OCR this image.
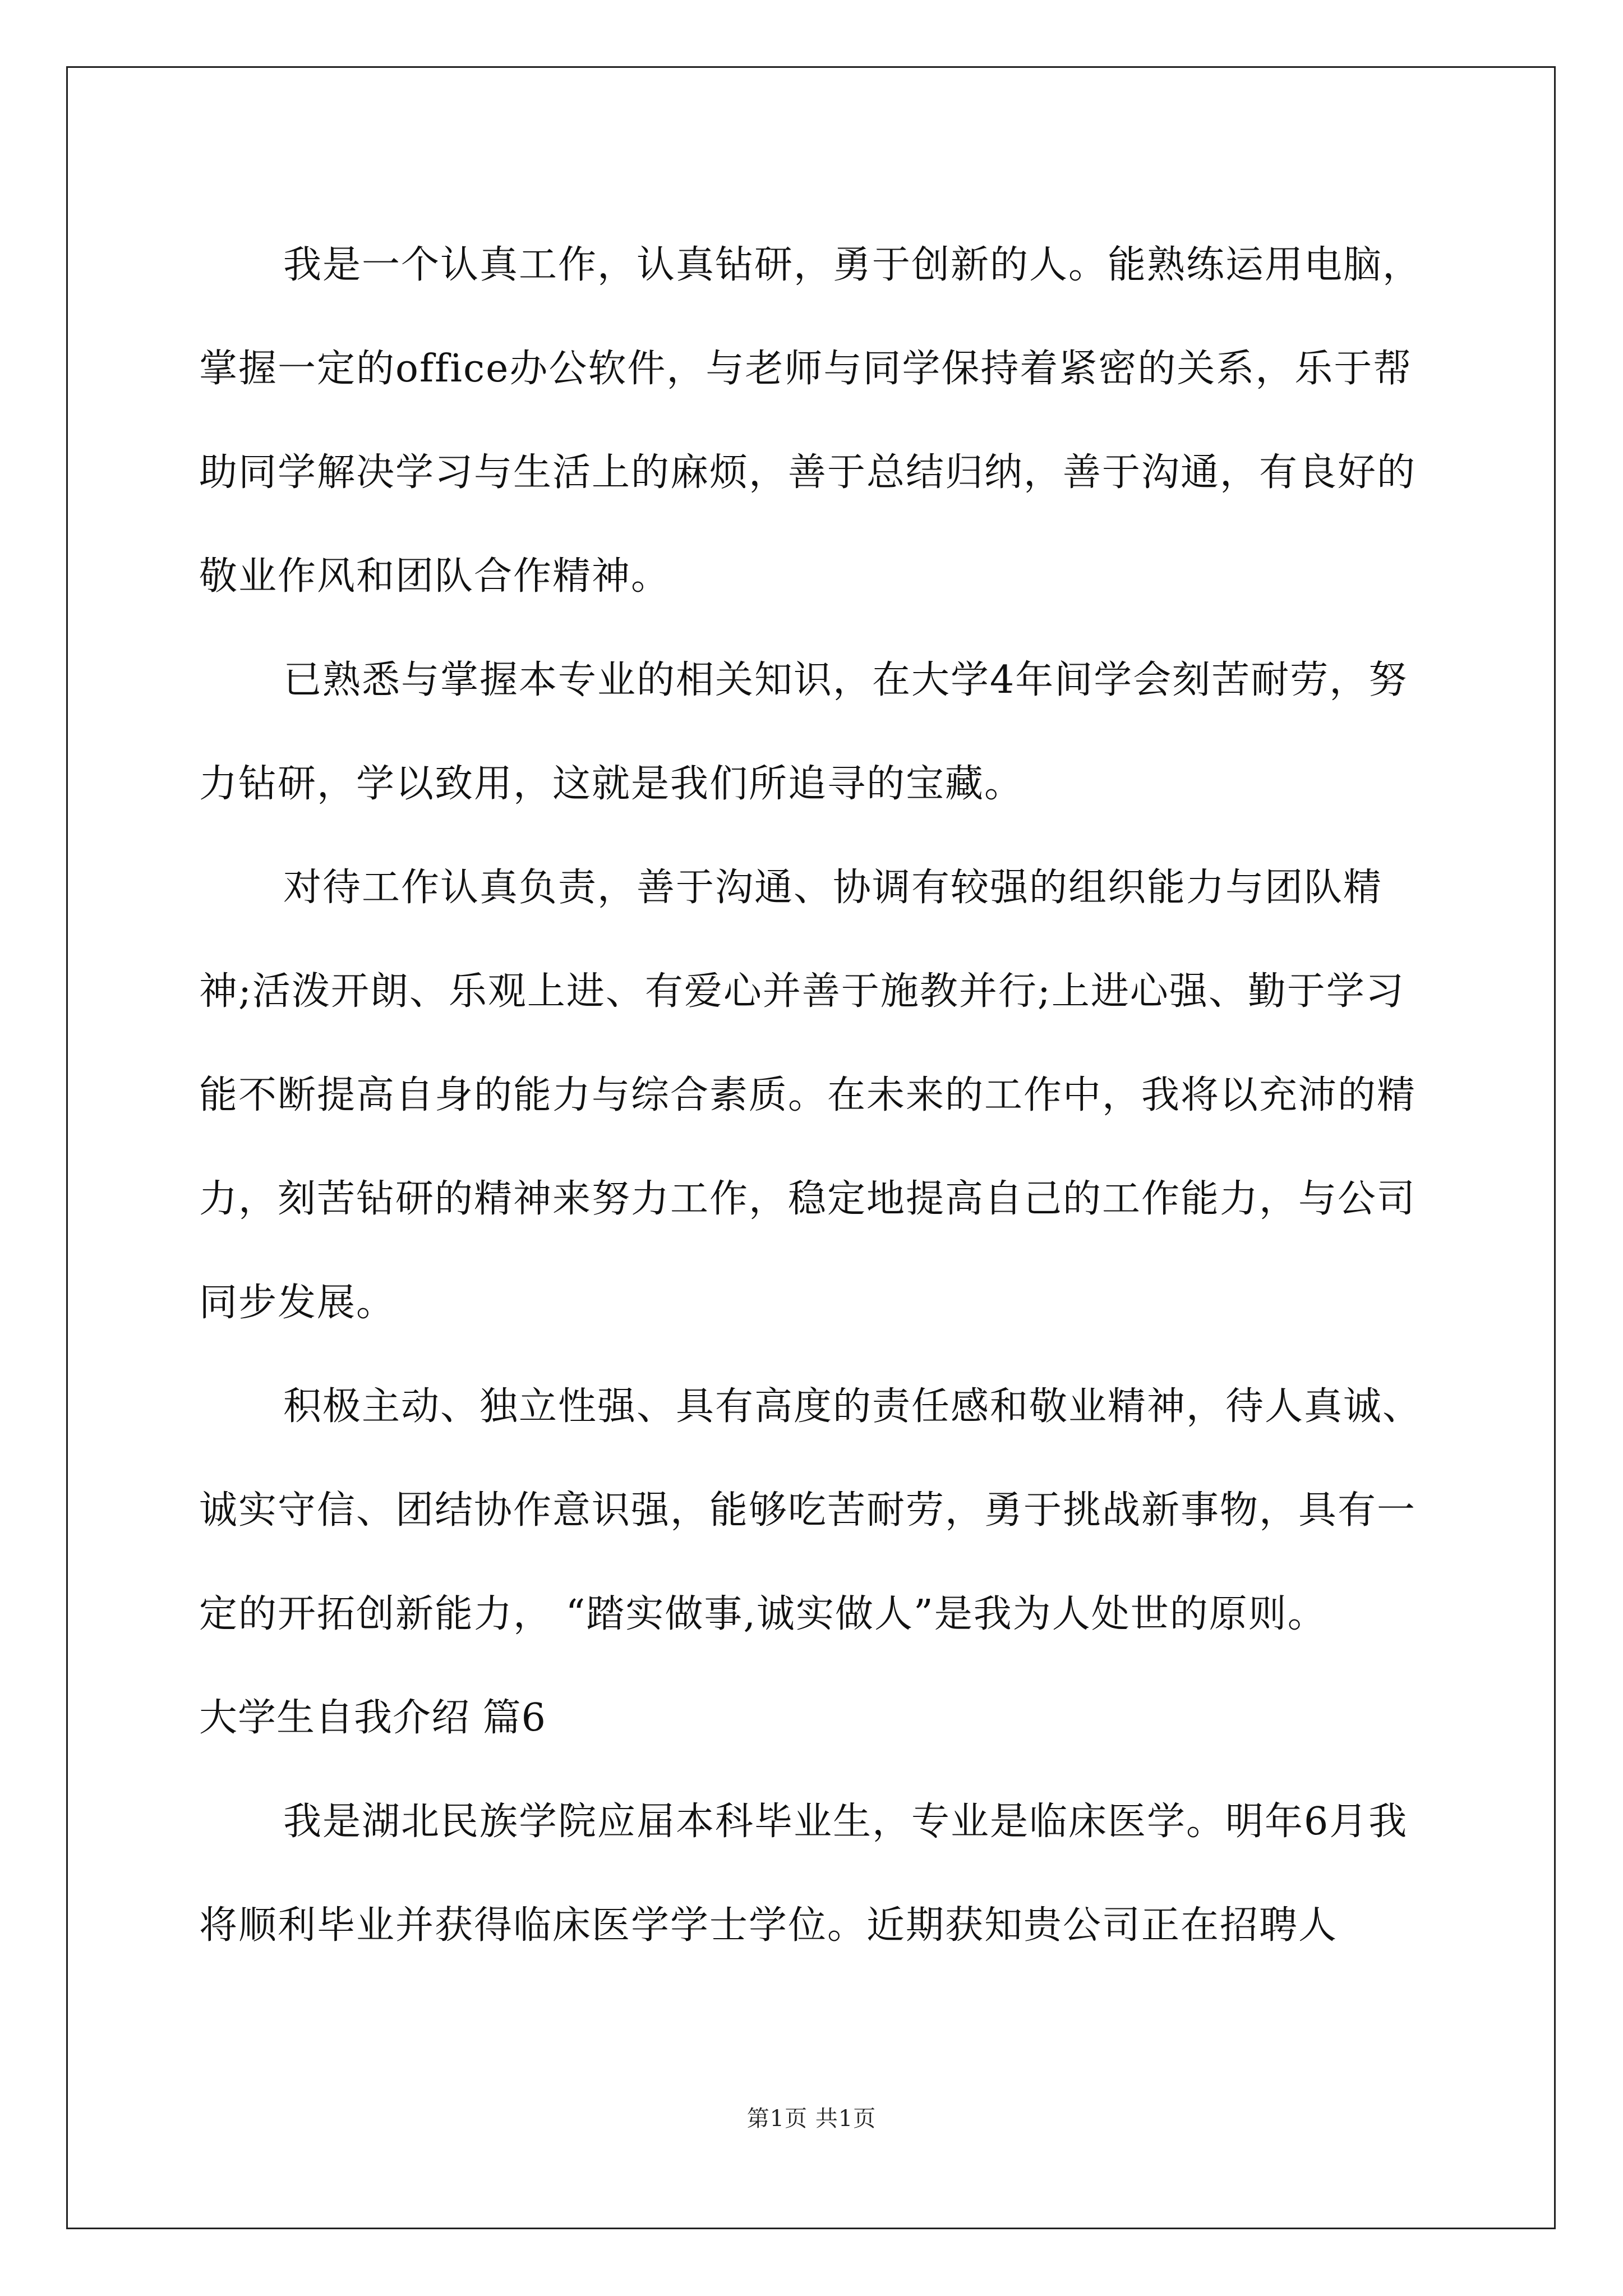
我是一个认真工作，认真钻研，勇于创新的人。能熟练运用电脑，掌握一定的office办公软件，与老师与同学保持着紧密的关系，乐于帮助同学解决学习与生活上的麻烦，善于总结归纳，善于沟通，有良好的敬业作风和团队合作精神。

已熟悉与掌握本专业的相关知识，在大学4年间学会刻苦耐劳，努力钻研，学以致用，这就是我们所追寻的宝藏。

对待工作认真负责，善于沟通、协调有较强的组织能力与团队精神;活泼开朗、乐观上进、有爱心并善于施教并行;上进心强、勤于学习能不断提高自身的能力与综合素质。在未来的工作中，我将以充沛的精力，刻苦钻研的精神来努力工作，稳定地提高自己的工作能力，与公司同步发展。

积极主动、独立性强、具有高度的责任感和敬业精神，待人真诚、诚实守信、团结协作意识强，能够吃苦耐劳，勇于挑战新事物，具有一定的开拓创新能力， “踏实做事,诚实做人”是我为人处世的原则。

大学生自我介绍 篇6

我是湖北民族学院应届本科毕业生，专业是临床医学。明年6月我将顺利毕业并获得临床医学学士学位。近期获知贵公司正在招聘人

第1页 共1页
